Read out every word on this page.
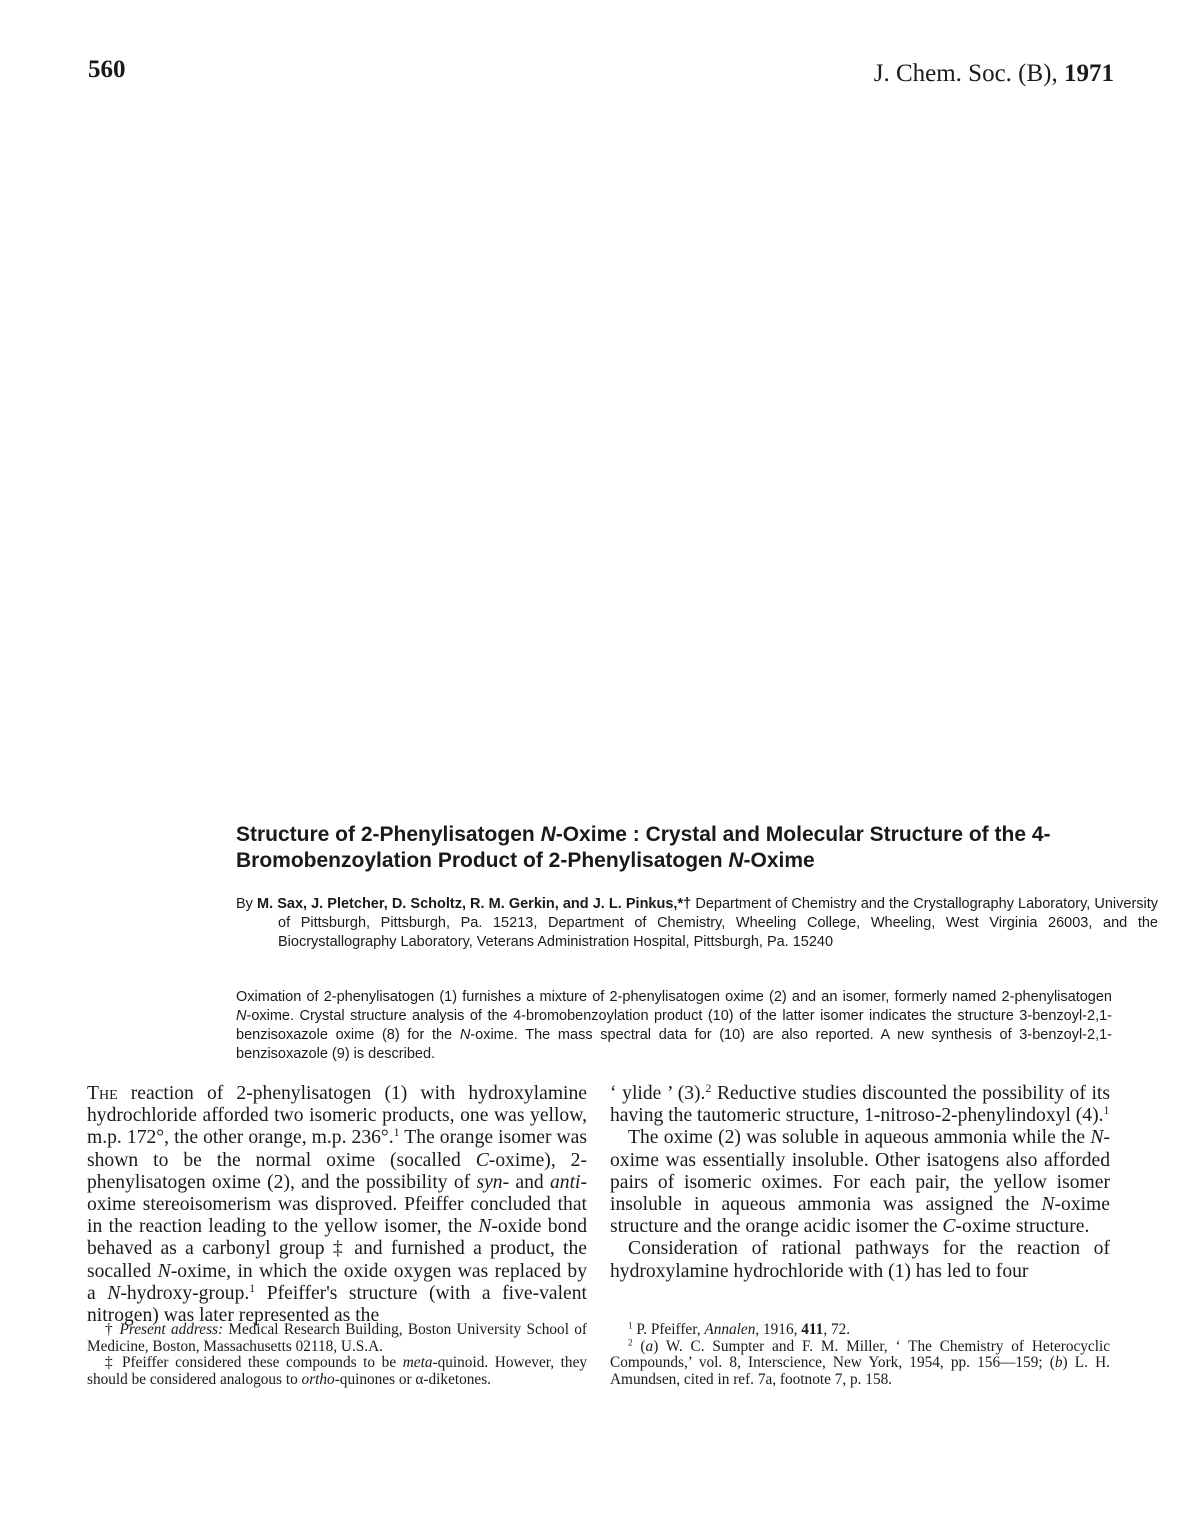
560	J. Chem. Soc. (B), 1971
Structure of 2-Phenylisatogen N-Oxime : Crystal and Molecular Structure of the 4-Bromobenzoylation Product of 2-Phenylisatogen N-Oxime
By M. Sax, J. Pletcher, D. Scholtz, R. M. Gerkin, and J. L. Pinkus,*† Department of Chemistry and the Crystallography Laboratory, University of Pittsburgh, Pittsburgh, Pa. 15213, Department of Chemistry, Wheeling College, Wheeling, West Virginia 26003, and the Biocrystallography Laboratory, Veterans Administration Hospital, Pittsburgh, Pa. 15240
Oximation of 2-phenylisatogen (1) furnishes a mixture of 2-phenylisatogen oxime (2) and an isomer, formerly named 2-phenylisatogen N-oxime. Crystal structure analysis of the 4-bromobenzoylation product (10) of the latter isomer indicates the structure 3-benzoyl-2,1-benzisoxazole oxime (8) for the N-oxime. The mass spectral data for (10) are also reported. A new synthesis of 3-benzoyl-2,1-benzisoxazole (9) is described.

The reaction of 2-phenylisatogen (1) with hydroxylamine hydrochloride afforded two isomeric products, one was yellow, m.p. 172°, the other orange, m.p. 236°.$^1$ The orange isomer was shown to be the normal oxime (socalled C-oxime), 2-phenylisatogen oxime (2), and the possibility of syn- and anti-oxime stereoisomerism was disproved. Pfeiffer concluded that in the reaction leading to the yellow isomer, the N-oxide bond behaved as a carbonyl group ‡ and furnished a product, the socalled N-oxime, in which the oxide oxygen was replaced by a N-hydroxy-group.$^1$ Pfeiffer's structure (with a five-valent nitrogen) was later represented as the

‘ ylide ’ (3).$^2$ Reductive studies discounted the possibility of its having the tautomeric structure, 1-nitroso-2-phenylindoxyl (4).$^1$

The oxime (2) was soluble in aqueous ammonia while the N-oxime was essentially insoluble. Other isatogens also afforded pairs of isomeric oximes. For each pair, the yellow isomer insoluble in aqueous ammonia was assigned the N-oxime structure and the orange acidic isomer the C-oxime structure.

Consideration of rational pathways for the reaction of hydroxylamine hydrochloride with (1) has led to four

† Present address: Medical Research Building, Boston University School of Medicine, Boston, Massachusetts 02118, U.S.A.

‡ Pfeiffer considered these compounds to be meta-quinoid. However, they should be considered analogous to ortho-quinones or α-diketones.

$^1$ P. Pfeiffer, Annalen, 1916, 411, 72.

$^2$ (a) W. C. Sumpter and F. M. Miller, ‘ The Chemistry of Heterocyclic Compounds,’ vol. 8, Interscience, New York, 1954, pp. 156—159; (b) L. H. Amundsen, cited in ref. 7a, footnote 7, p. 158.
